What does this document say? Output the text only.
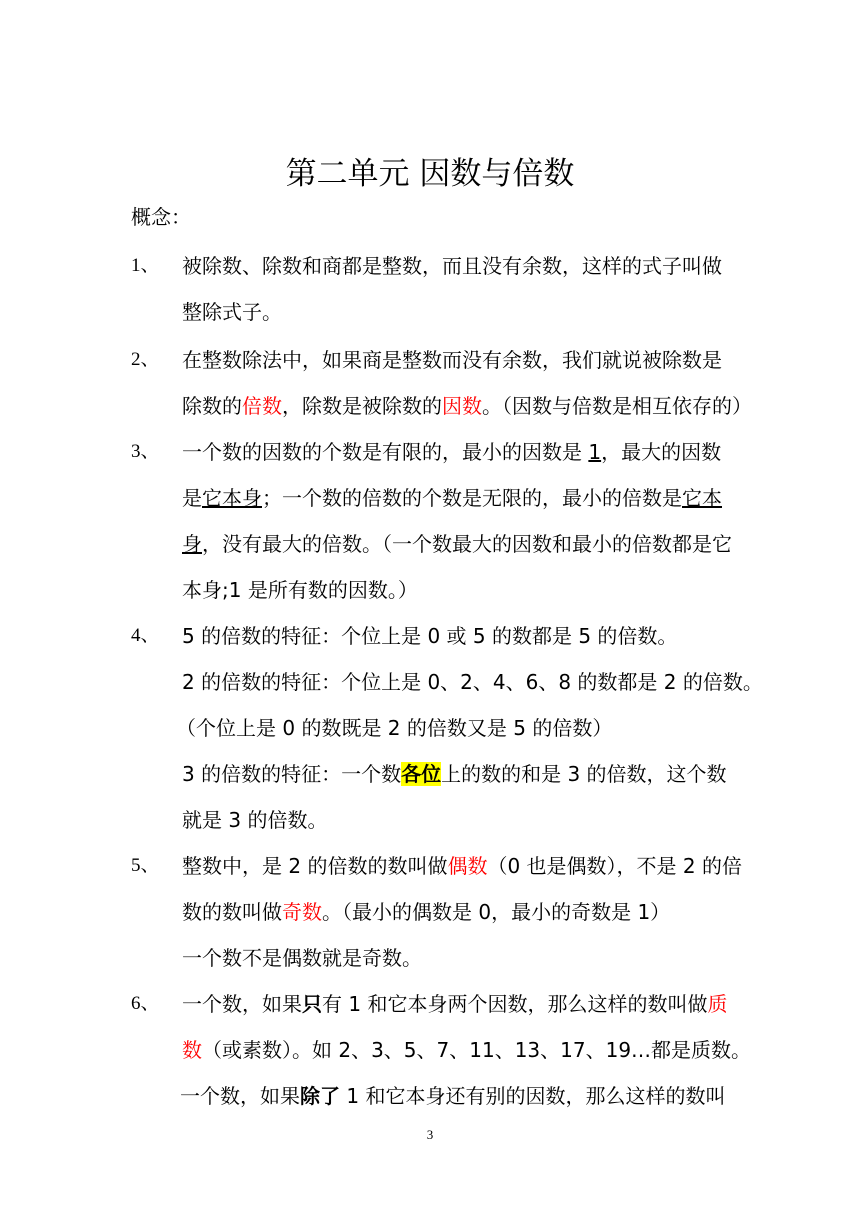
第二单元 因数与倍数
概念：
1、 被除数、除数和商都是整数，而且没有余数，这样的式子叫做
整除式子。
2、 在整数除法中，如果商是整数而没有余数，我们就说被除数是
除数的倍数，除数是被除数的因数。（因数与倍数是相互依存的）
3、 一个数的因数的个数是有限的，最小的因数是 1，最大的因数
是它本身；一个数的倍数的个数是无限的，最小的倍数是它本
身，没有最大的倍数。（一个数最大的因数和最小的倍数都是它
本身;1 是所有数的因数。）
4、 5 的倍数的特征：个位上是 0 或 5 的数都是 5 的倍数。
2 的倍数的特征：个位上是 0、2、4、6、8 的数都是 2 的倍数。
（个位上是 0 的数既是 2 的倍数又是 5 的倍数）
3 的倍数的特征：一个数各位上的数的和是 3 的倍数，这个数
就是 3 的倍数。
5、 整数中，是 2 的倍数的数叫做偶数（0 也是偶数），不是 2 的倍
数的数叫做奇数。（最小的偶数是 0，最小的奇数是 1）
一个数不是偶数就是奇数。
6、 一个数，如果只有 1 和它本身两个因数，那么这样的数叫做质
数（或素数）。如 2、3、5、7、11、13、17、19…都是质数。
一个数，如果除了 1 和它本身还有别的因数，那么这样的数叫
3
